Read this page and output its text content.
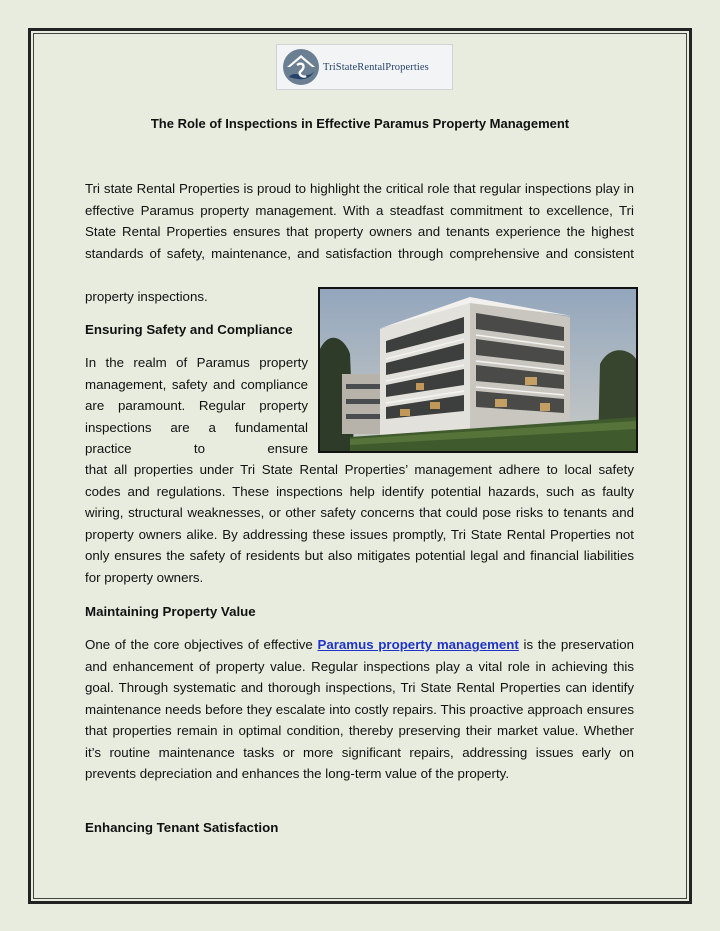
TriStateRentalProperties
The Role of Inspections in Effective Paramus Property Management
Tri state Rental Properties is proud to highlight the critical role that regular inspections play in effective Paramus property management. With a steadfast commitment to excellence, Tri State Rental Properties ensures that property owners and tenants experience the highest standards of safety, maintenance, and satisfaction through comprehensive and consistent
property inspections.
Ensuring Safety and Compliance
In the realm of Paramus property management, safety and compliance are paramount. Regular property inspections are a fundamental practice to ensure
that all properties under Tri State Rental Properties’ management adhere to local safety codes and regulations. These inspections help identify potential hazards, such as faulty wiring, structural weaknesses, or other safety concerns that could pose risks to tenants and property owners alike. By addressing these issues promptly, Tri State Rental Properties not only ensures the safety of residents but also mitigates potential legal and financial liabilities for property owners.
Maintaining Property Value
One of the core objectives of effective Paramus property management is the preservation and enhancement of property value. Regular inspections play a vital role in achieving this goal. Through systematic and thorough inspections, Tri State Rental Properties can identify maintenance needs before they escalate into costly repairs. This proactive approach ensures that properties remain in optimal condition, thereby preserving their market value. Whether it’s routine maintenance tasks or more significant repairs, addressing issues early on prevents depreciation and enhances the long-term value of the property.
Enhancing Tenant Satisfaction
